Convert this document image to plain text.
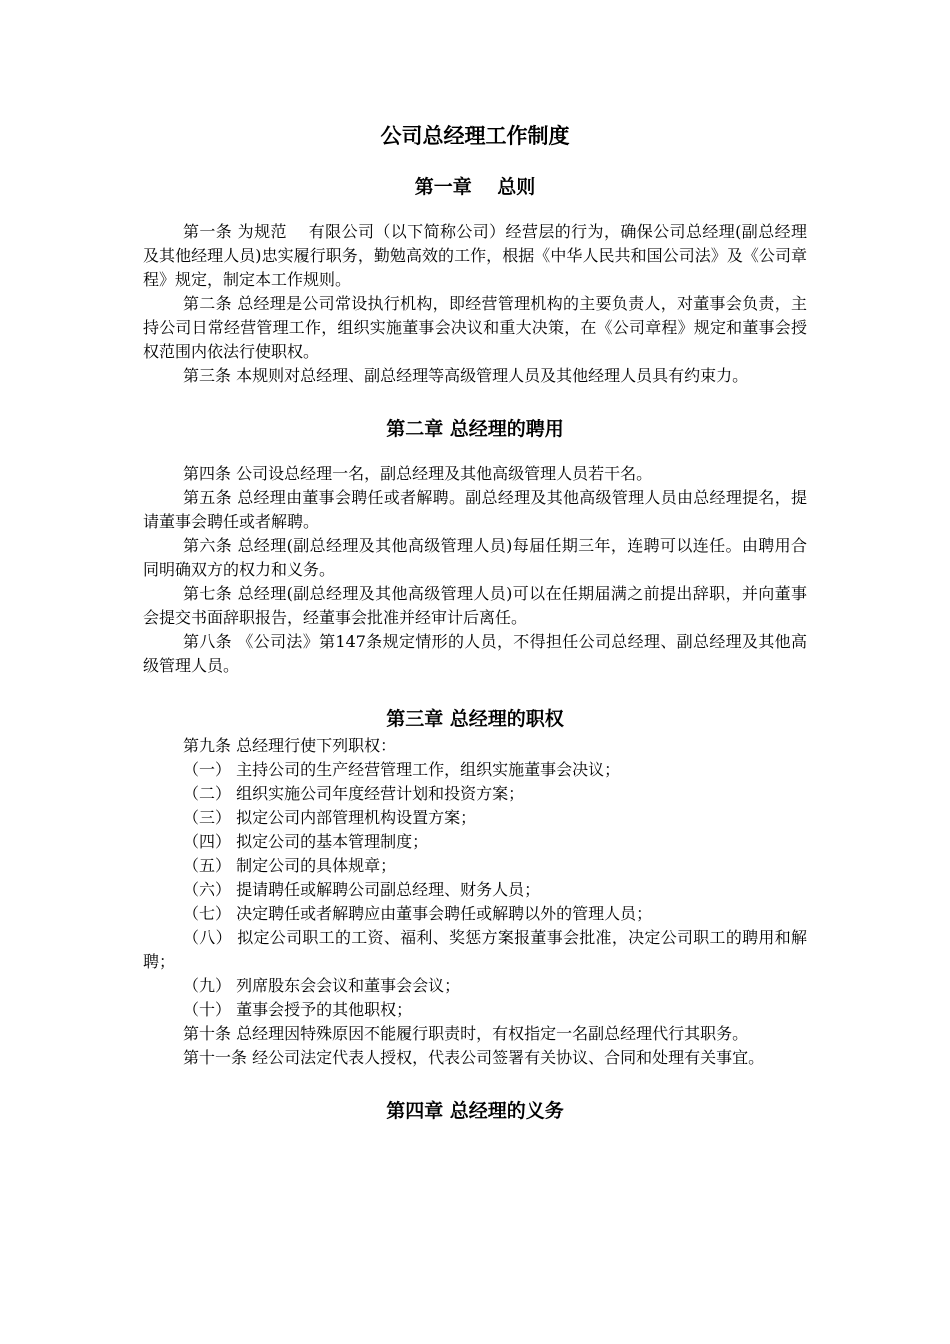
公司总经理工作制度
第一章　 总则

第一条 为规范 　有限公司（以下简称公司）经营层的行为，确保公司总经理(副总经理及其他经理人员)忠实履行职务，勤勉高效的工作，根据《中华人民共和国公司法》及《公司章程》规定，制定本工作规则。

第二条 总经理是公司常设执行机构，即经营管理机构的主要负责人，对董事会负责，主持公司日常经营管理工作，组织实施董事会决议和重大决策，在《公司章程》规定和董事会授权范围内依法行使职权。

第三条 本规则对总经理、副总经理等高级管理人员及其他经理人员具有约束力。

第二章 总经理的聘用

第四条 公司设总经理一名，副总经理及其他高级管理人员若干名。

第五条 总经理由董事会聘任或者解聘。副总经理及其他高级管理人员由总经理提名，提请董事会聘任或者解聘。

第六条 总经理(副总经理及其他高级管理人员)每届任期三年，连聘可以连任。由聘用合同明确双方的权力和义务。

第七条 总经理(副总经理及其他高级管理人员)可以在任期届满之前提出辞职，并向董事会提交书面辞职报告，经董事会批准并经审计后离任。

第八条 《公司法》第147条规定情形的人员，不得担任公司总经理、副总经理及其他高级管理人员。

第三章 总经理的职权

第九条 总经理行使下列职权：

（一） 主持公司的生产经营管理工作，组织实施董事会决议；

（二） 组织实施公司年度经营计划和投资方案；

（三） 拟定公司内部管理机构设置方案；

（四） 拟定公司的基本管理制度；

（五） 制定公司的具体规章；

（六） 提请聘任或解聘公司副总经理、财务人员；

（七） 决定聘任或者解聘应由董事会聘任或解聘以外的管理人员；

（八） 拟定公司职工的工资、福利、奖惩方案报董事会批准，决定公司职工的聘用和解聘；

（九） 列席股东会会议和董事会会议；

（十） 董事会授予的其他职权；

第十条 总经理因特殊原因不能履行职责时，有权指定一名副总经理代行其职务。

第十一条 经公司法定代表人授权，代表公司签署有关协议、合同和处理有关事宜。

第四章 总经理的义务
